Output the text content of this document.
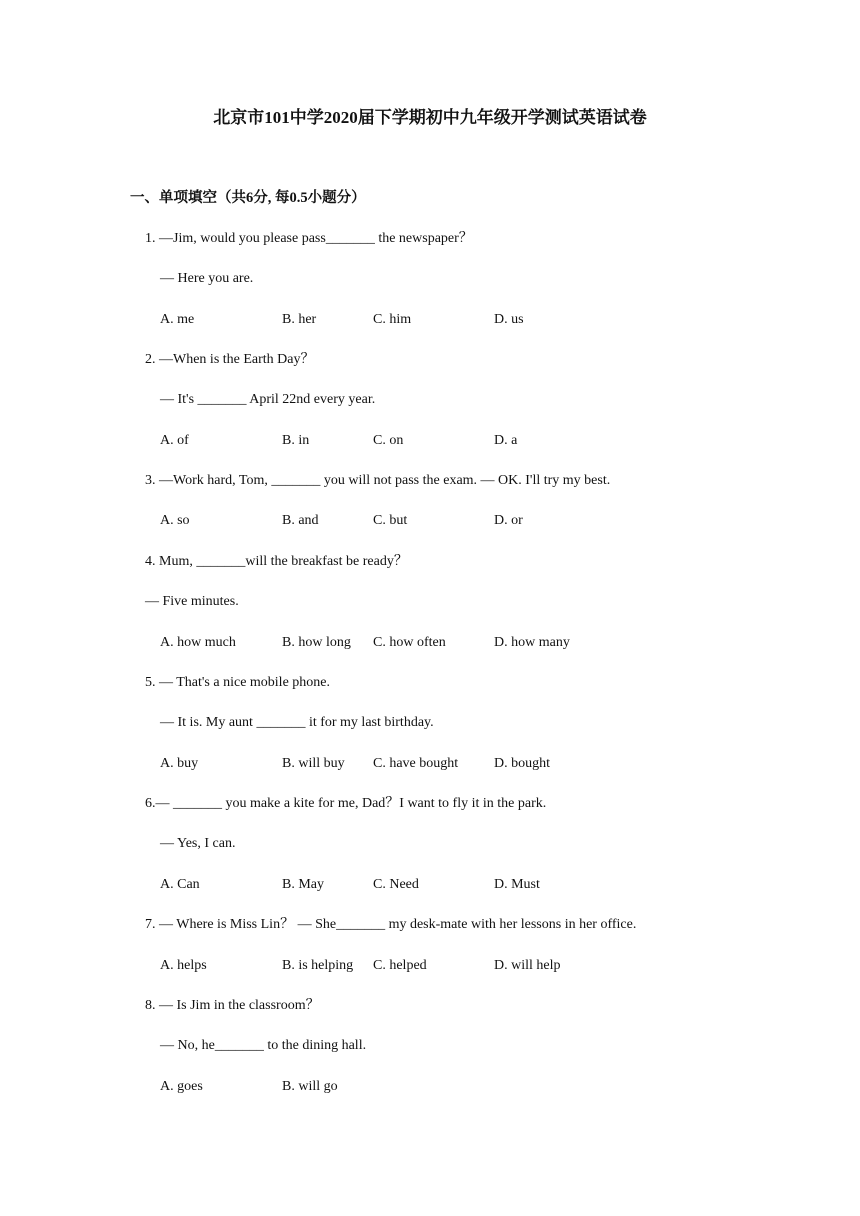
北京市101中学2020届下学期初中九年级开学测试英语试卷
一、单项填空（共6分, 每0.5小题分）
1. —Jim, would you please pass_______ the newspaper？
— Here you are.
A. me	B. her	C. him	D. us
2. —When is the Earth Day？
— It's _______ April 22nd every year.
A. of	B. in	C. on	D. a
3. —Work hard, Tom, _______ you will not pass the exam. — OK. I'll try my best.
A. so	B. and	C. but	D. or
4. Mum, _______will the breakfast be ready？
— Five minutes.
A. how much	B. how long C. how often	D. how many
5. — That's a nice mobile phone.
— It is. My aunt _______ it for my last birthday.
A. buy	B. will buy C. have bought	D. bought
6.— _______ you make a kite for me, Dad？I want to fly it in the park.
— Yes, I can.
A. Can	B. May	C. Need	D. Must
7. — Where is Miss Lin？ — She_______ my desk-mate with her lessons in her office.
A. helps	B. is helping C. helped	D. will help
8. — Is Jim in the classroom？
— No, he_______ to the dining hall.
A. goes	B. will go
